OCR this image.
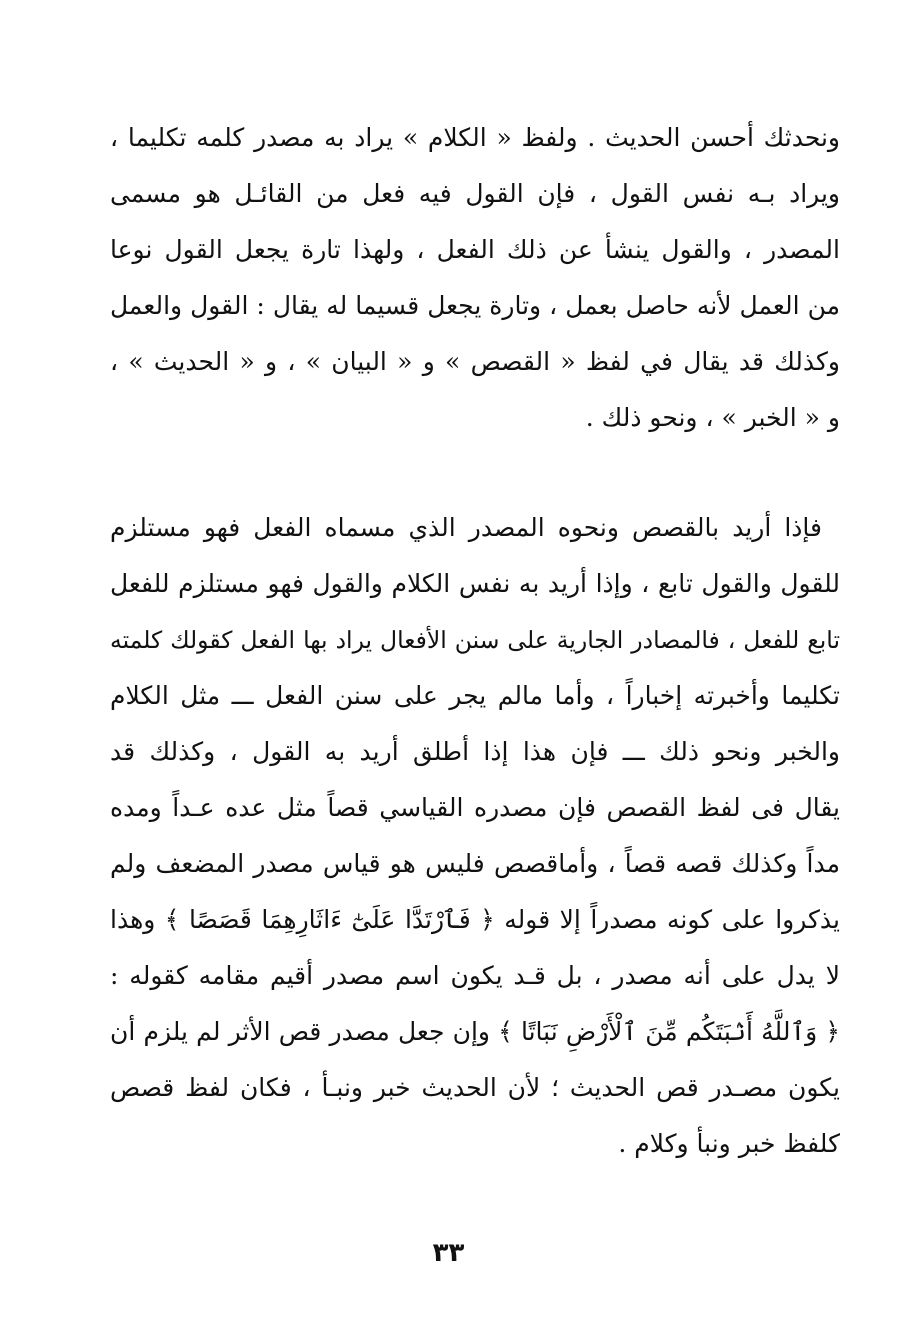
ونحدثك أحسن الحديث . ولفظ « الكلام » يراد به مصدر كلمه تكليما ،
ويراد بـه نفس القول ، فإن القول فيه فعل من القائـل هو مسمى
المصدر ، والقول ينشأ عن ذلك الفعل ، ولهذا تارة يجعل القول نوعا
من العمل لأنه حاصل بعمل ، وتارة يجعل قسيما له يقال : القول والعمل
وكذلك قد يقال في لفظ « القصص » و « البيان » ، و « الحديث » ،
و « الخبر » ، ونحو ذلك .
فإذا أريد بالقصص ونحوه المصدر الذي مسماه الفعل فهو مستلزم
للقول والقول تابع ، وإذا أريد به نفس الكلام والقول فهو مستلزم للفعل
تابع للفعل ، فالمصادر الجارية على سنن الأفعال يراد بها الفعل كقولك كلمته
تكليما وأخبرته إخباراً ، وأما مالم يجر على سنن الفعل ـــ مثل الكلام
والخبر ونحو ذلك ـــ فإن هذا إذا أطلق أريد به القول ، وكذلك قد
يقال فى لفظ القصص فإن مصدره القياسي قصاً مثل عده عـداً ومده
مداً وكذلك قصه قصاً ، وأماقصص فليس هو قياس مصدر المضعف ولم
يذكروا على كونه مصدراً إلا قوله ﴿ فَٱرْتَدَّا عَلَىٰٓ ءَاثَارِهِمَا قَصَصًا ﴾ وهذا
لا يدل على أنه مصدر ، بل قـد يكون اسم مصدر أقيم مقامه كقوله :
﴿ وَٱللَّهُ أَنۢبَتَكُم مِّنَ ٱلْأَرْضِ نَبَاتًا ﴾ وإن جعل مصدر قص الأثر لم يلزم أن
يكون مصـدر قص الحديث ؛ لأن الحديث خبر ونبـأ ، فكان لفظ قصص
كلفظ خبر ونبأ وكلام .
٣٣
